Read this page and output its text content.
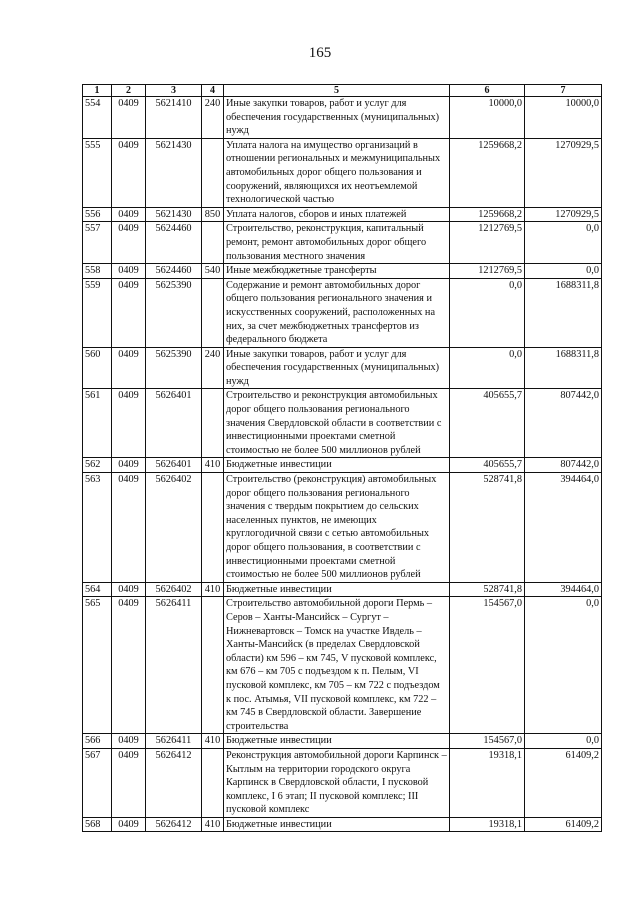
165
1	2	3	4	5	6	7
554	0409	5621410	240	Иные закупки товаров, работ и услуг для обеспечения государственных (муниципальных) нужд	10000,0	10000,0
555	0409	5621430		Уплата налога на имущество организаций в отношении региональных и межмуниципальных автомобильных дорог общего пользования и сооружений, являющихся их неотъемлемой технологической частью	1259668,2	1270929,5
556	0409	5621430	850	Уплата налогов, сборов и иных платежей	1259668,2	1270929,5
557	0409	5624460		Строительство, реконструкция, капитальный ремонт, ремонт автомобильных дорог общего пользования местного значения	1212769,5	0,0
558	0409	5624460	540	Иные межбюджетные трансферты	1212769,5	0,0
559	0409	5625390		Содержание и ремонт автомобильных дорог общего пользования регионального значения и искусственных сооружений, расположенных на них, за счет межбюджетных трансфертов из федерального бюджета	0,0	1688311,8
560	0409	5625390	240	Иные закупки товаров, работ и услуг для обеспечения государственных (муниципальных) нужд	0,0	1688311,8
561	0409	5626401		Строительство и реконструкция автомобильных дорог общего пользования регионального значения Свердловской области в соответствии с инвестиционными проектами сметной стоимостью не более 500 миллионов рублей	405655,7	807442,0
562	0409	5626401	410	Бюджетные инвестиции	405655,7	807442,0
563	0409	5626402		Строительство (реконструкция) автомобильных дорог общего пользования регионального значения с твердым покрытием до сельских населенных пунктов, не имеющих круглогодичной связи с сетью автомобильных дорог общего пользования, в соответствии с инвестиционными проектами сметной стоимостью не более 500 миллионов рублей	528741,8	394464,0
564	0409	5626402	410	Бюджетные инвестиции	528741,8	394464,0
565	0409	5626411		Строительство автомобильной дороги Пермь – Серов – Ханты-Мансийск – Сургут – Нижневартовск – Томск на участке Ивдель – Ханты-Мансийск (в пределах Свердловской области) км 596 – км 745, V пусковой комплекс, км 676 – км 705 с подъездом к п. Пелым, VI пусковой комплекс, км 705 – км 722 с подъездом к пос. Атымья, VII пусковой комплекс, км 722 – км 745 в Свердловской области. Завершение строительства	154567,0	0,0
566	0409	5626411	410	Бюджетные инвестиции	154567,0	0,0
567	0409	5626412		Реконструкция автомобильной дороги Карпинск – Кытлым на территории городского округа Карпинск в Свердловской области, I пусковой комплекс, I 6 этап; II пусковой комплекс; III пусковой комплекс	19318,1	61409,2
568	0409	5626412	410	Бюджетные инвестиции	19318,1	61409,2
